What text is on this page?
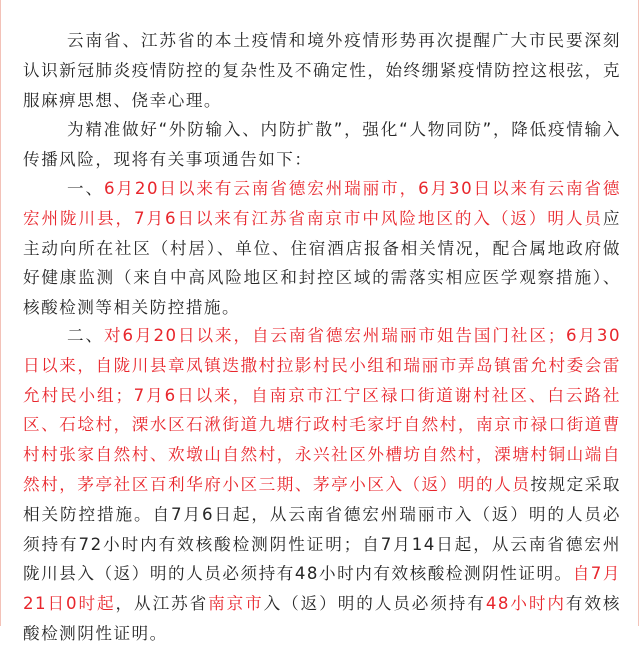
云南省、江苏省的本土疫情和境外疫情形势再次提醒广大市民要深刻认识新冠肺炎疫情防控的复杂性及不确定性，始终绷紧疫情防控这根弦，克服麻痹思想、侥幸心理。

为精准做好“外防输入、内防扩散”，强化“人物同防”，降低疫情输入传播风险，现将有关事项通告如下：

一、6月20日以来有云南省德宏州瑞丽市，6月30日以来有云南省德宏州陇川县，7月6日以来有江苏省南京市中风险地区的入（返）明人员应主动向所在社区（村居）、单位、住宿酒店报备相关情况，配合属地政府做好健康监测（来自中高风险地区和封控区域的需落实相应医学观察措施）、核酸检测等相关防控措施。

二、对6月20日以来，自云南省德宏州瑞丽市姐告国门社区；6月30日以来，自陇川县章凤镇迭撒村拉影村民小组和瑞丽市弄岛镇雷允村委会雷允村民小组；7月6日以来，自南京市江宁区禄口街道谢村社区、白云路社区、石埝村，溧水区石湫街道九塘行政村毛家圩自然村，南京市禄口街道曹村村张家自然村、欢墩山自然村，永兴社区外槽坊自然村，溧塘村铜山端自然村，茅亭社区百利华府小区三期、茅亭小区入（返）明的人员按规定采取相关防控措施。自7月6日起，从云南省德宏州瑞丽市入（返）明的人员必须持有72小时内有效核酸检测阴性证明；自7月14日起，从云南省德宏州陇川县入（返）明的人员必须持有48小时内有效核酸检测阴性证明。自7月21日0时起，从江苏省南京市入（返）明的人员必须持有48小时内有效核酸检测阴性证明。
